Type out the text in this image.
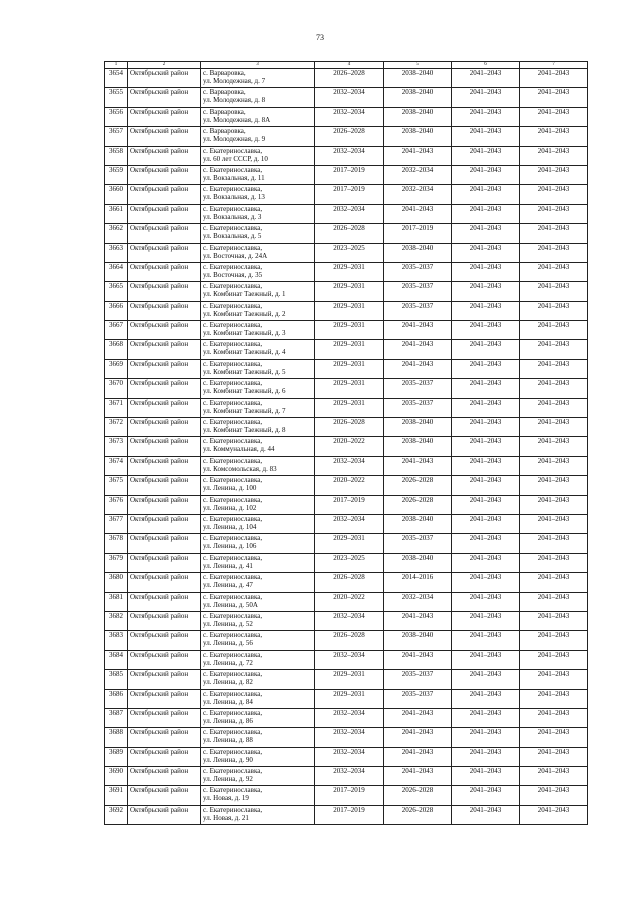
73
1	2	3	4	5	6	7
3654	Октябрьский район	с. Варваровка,
ул. Молодежная, д. 7	2026–2028	2038–2040	2041–2043	2041–2043
3655	Октябрьский район	с. Варваровка,
ул. Молодежная, д. 8	2032–2034	2038–2040	2041–2043	2041–2043
3656	Октябрьский район	с. Варваровка,
ул. Молодежная, д. 8А	2032–2034	2038–2040	2041–2043	2041–2043
3657	Октябрьский район	с. Варваровка,
ул. Молодежная, д. 9	2026–2028	2038–2040	2041–2043	2041–2043
3658	Октябрьский район	с. Екатеринославка,
ул. 60 лет СССР, д. 10	2032–2034	2041–2043	2041–2043	2041–2043
3659	Октябрьский район	с. Екатеринославка,
ул. Вокзальная, д. 11	2017–2019	2032–2034	2041–2043	2041–2043
3660	Октябрьский район	с. Екатеринославка,
ул. Вокзальная, д. 13	2017–2019	2032–2034	2041–2043	2041–2043
3661	Октябрьский район	с. Екатеринославка,
ул. Вокзальная, д. 3	2032–2034	2041–2043	2041–2043	2041–2043
3662	Октябрьский район	с. Екатеринославка,
ул. Вокзальная, д. 5	2026–2028	2017–2019	2041–2043	2041–2043
3663	Октябрьский район	с. Екатеринославка,
ул. Восточная, д. 24А	2023–2025	2038–2040	2041–2043	2041–2043
3664	Октябрьский район	с. Екатеринославка,
ул. Восточная, д. 35	2029–2031	2035–2037	2041–2043	2041–2043
3665	Октябрьский район	с. Екатеринославка,
ул. Комбинат Таежный, д. 1	2029–2031	2035–2037	2041–2043	2041–2043
3666	Октябрьский район	с. Екатеринославка,
ул. Комбинат Таежный, д. 2	2029–2031	2035–2037	2041–2043	2041–2043
3667	Октябрьский район	с. Екатеринославка,
ул. Комбинат Таежный, д. 3	2029–2031	2041–2043	2041–2043	2041–2043
3668	Октябрьский район	с. Екатеринославка,
ул. Комбинат Таежный, д. 4	2029–2031	2041–2043	2041–2043	2041–2043
3669	Октябрьский район	с. Екатеринославка,
ул. Комбинат Таежный, д. 5	2029–2031	2041–2043	2041–2043	2041–2043
3670	Октябрьский район	с. Екатеринославка,
ул. Комбинат Таежный, д. 6	2029–2031	2035–2037	2041–2043	2041–2043
3671	Октябрьский район	с. Екатеринославка,
ул. Комбинат Таежный, д. 7	2029–2031	2035–2037	2041–2043	2041–2043
3672	Октябрьский район	с. Екатеринославка,
ул. Комбинат Таежный, д. 8	2026–2028	2038–2040	2041–2043	2041–2043
3673	Октябрьский район	с. Екатеринославка,
ул. Коммунальная, д. 44	2020–2022	2038–2040	2041–2043	2041–2043
3674	Октябрьский район	с. Екатеринославка,
ул. Комсомольская, д. 83	2032–2034	2041–2043	2041–2043	2041–2043
3675	Октябрьский район	с. Екатеринославка,
ул. Ленина, д. 100	2020–2022	2026–2028	2041–2043	2041–2043
3676	Октябрьский район	с. Екатеринославка,
ул. Ленина, д. 102	2017–2019	2026–2028	2041–2043	2041–2043
3677	Октябрьский район	с. Екатеринославка,
ул. Ленина, д. 104	2032–2034	2038–2040	2041–2043	2041–2043
3678	Октябрьский район	с. Екатеринославка,
ул. Ленина, д. 106	2029–2031	2035–2037	2041–2043	2041–2043
3679	Октябрьский район	с. Екатеринославка,
ул. Ленина, д. 41	2023–2025	2038–2040	2041–2043	2041–2043
3680	Октябрьский район	с. Екатеринославка,
ул. Ленина, д. 47	2026–2028	2014–2016	2041–2043	2041–2043
3681	Октябрьский район	с. Екатеринославка,
ул. Ленина, д. 50А	2020–2022	2032–2034	2041–2043	2041–2043
3682	Октябрьский район	с. Екатеринославка,
ул. Ленина, д. 52	2032–2034	2041–2043	2041–2043	2041–2043
3683	Октябрьский район	с. Екатеринославка,
ул. Ленина, д. 56	2026–2028	2038–2040	2041–2043	2041–2043
3684	Октябрьский район	с. Екатеринославка,
ул. Ленина, д. 72	2032–2034	2041–2043	2041–2043	2041–2043
3685	Октябрьский район	с. Екатеринославка,
ул. Ленина, д. 82	2029–2031	2035–2037	2041–2043	2041–2043
3686	Октябрьский район	с. Екатеринославка,
ул. Ленина, д. 84	2029–2031	2035–2037	2041–2043	2041–2043
3687	Октябрьский район	с. Екатеринославка,
ул. Ленина, д. 86	2032–2034	2041–2043	2041–2043	2041–2043
3688	Октябрьский район	с. Екатеринославка,
ул. Ленина, д. 88	2032–2034	2041–2043	2041–2043	2041–2043
3689	Октябрьский район	с. Екатеринославка,
ул. Ленина, д. 90	2032–2034	2041–2043	2041–2043	2041–2043
3690	Октябрьский район	с. Екатеринославка,
ул. Ленина, д. 92	2032–2034	2041–2043	2041–2043	2041–2043
3691	Октябрьский район	с. Екатеринославка,
ул. Новая, д. 19	2017–2019	2026–2028	2041–2043	2041–2043
3692	Октябрьский район	с. Екатеринославка,
ул. Новая, д. 21	2017–2019	2026–2028	2041–2043	2041–2043
